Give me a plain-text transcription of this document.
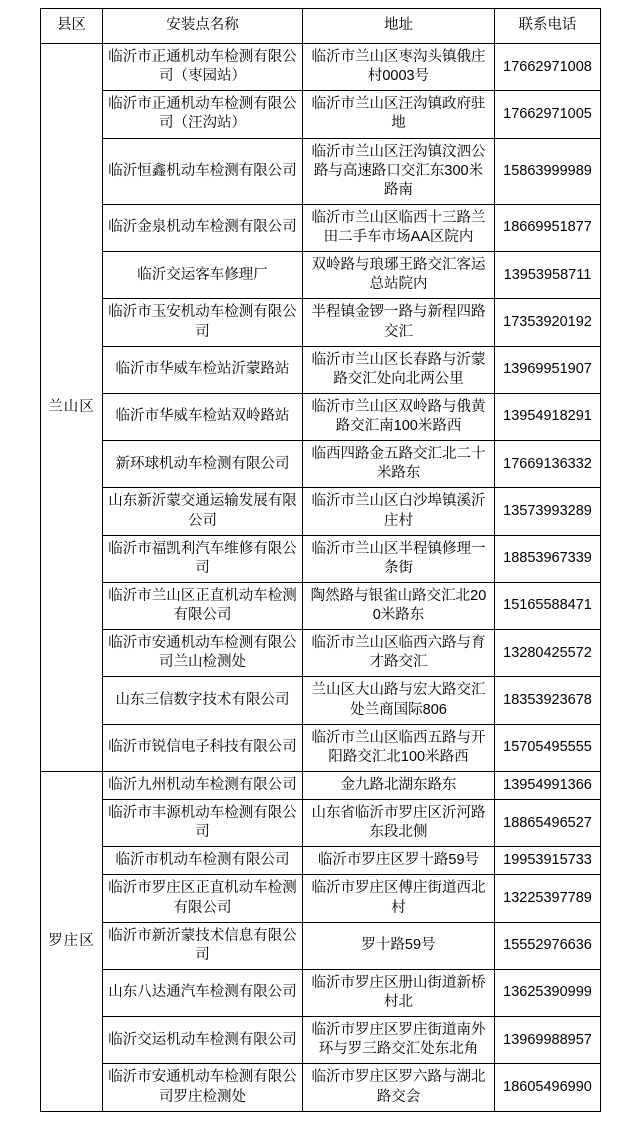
县区	安装点名称	地址	联系电话
兰山区	临沂市正通机动车检测有限公司（枣园站）	临沂市兰山区枣沟头镇俄庄村0003号	17662971008
	临沂市正通机动车检测有限公司（汪沟站）	临沂市兰山区汪沟镇政府驻地	17662971005
	临沂恒鑫机动车检测有限公司	临沂市兰山区汪沟镇汶泗公路与高速路口交汇东300米路南	15863999989
	临沂金泉机动车检测有限公司	临沂市兰山区临西十三路兰田二手车市场AA区院内	18669951877
	临沂交运客车修理厂	双岭路与琅琊王路交汇客运总站院内	13953958711
	临沂市玉安机动车检测有限公司	半程镇金锣一路与新程四路交汇	17353920192
	临沂市华威车检站沂蒙路站	临沂市兰山区长春路与沂蒙路交汇处向北两公里	13969951907
	临沂市华威车检站双岭路站	临沂市兰山区双岭路与俄黄路交汇南100米路西	13954918291
	新环球机动车检测有限公司	临西四路金五路交汇北二十米路东	17669136332
	山东新沂蒙交通运输发展有限公司	临沂市兰山区白沙埠镇溪沂庄村	13573993289
	临沂市福凯利汽车维修有限公司	临沂市兰山区半程镇修理一条街	18853967339
	临沂市兰山区正直机动车检测有限公司	陶然路与银雀山路交汇北200米路东	15165588471
	临沂市安通机动车检测有限公司兰山检测处	临沂市兰山区临西六路与育才路交汇	13280425572
	山东三信数字技术有限公司	兰山区大山路与宏大路交汇处兰商国际806	18353923678
	临沂市锐信电子科技有限公司	临沂市兰山区临西五路与开阳路交汇北100米路西	15705495555
罗庄区	临沂九州机动车检测有限公司	金九路北湖东路东	13954991366
	临沂市丰源机动车检测有限公司	山东省临沂市罗庄区沂河路东段北侧	18865496527
	临沂市机动车检测有限公司	临沂市罗庄区罗十路59号	19953915733
	临沂市罗庄区正直机动车检测有限公司	临沂市罗庄区傅庄街道西北村	13225397789
	临沂市新沂蒙技术信息有限公司	罗十路59号	15552976636
	山东八达通汽车检测有限公司	临沂市罗庄区册山街道新桥村北	13625390999
	临沂交运机动车检测有限公司	临沂市罗庄区罗庄街道南外环与罗三路交汇处东北角	13969988957
	临沂市安通机动车检测有限公司罗庄检测处	临沂市罗庄区罗六路与湖北路交会	18605496990
